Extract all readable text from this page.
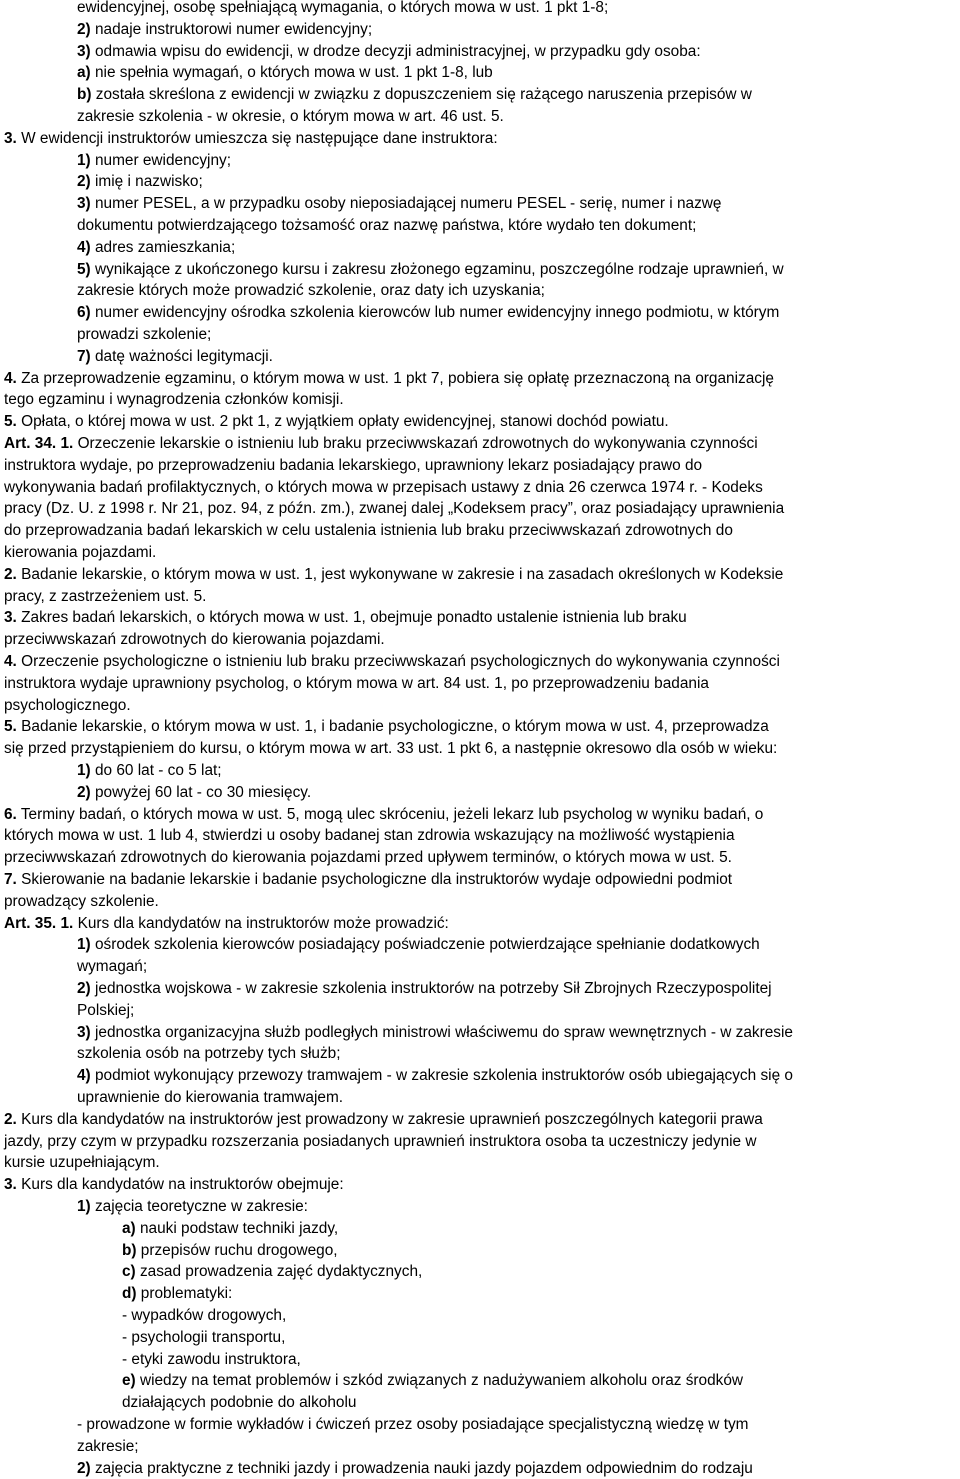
ewidencyjnej, osobę spełniającą wymagania, o których mowa w ust. 1 pkt 1-8;
2) nadaje instruktorowi numer ewidencyjny;
3) odmawia wpisu do ewidencji, w drodze decyzji administracyjnej, w przypadku gdy osoba:
a) nie spełnia wymagań, o których mowa w ust. 1 pkt 1-8, lub
b) została skreślona z ewidencji w związku z dopuszczeniem się rażącego naruszenia przepisów w
zakresie szkolenia - w okresie, o którym mowa w art. 46 ust. 5.
3. W ewidencji instruktorów umieszcza się następujące dane instruktora:
1) numer ewidencyjny;
2) imię i nazwisko;
3) numer PESEL, a w przypadku osoby nieposiadającej numeru PESEL - serię, numer i nazwę
dokumentu potwierdzającego tożsamość oraz nazwę państwa, które wydało ten dokument;
4) adres zamieszkania;
5) wynikające z ukończonego kursu i zakresu złożonego egzaminu, poszczególne rodzaje uprawnień, w
zakresie których może prowadzić szkolenie, oraz daty ich uzyskania;
6) numer ewidencyjny ośrodka szkolenia kierowców lub numer ewidencyjny innego podmiotu, w którym
prowadzi szkolenie;
7) datę ważności legitymacji.
4. Za przeprowadzenie egzaminu, o którym mowa w ust. 1 pkt 7, pobiera się opłatę przeznaczoną na organizację
tego egzaminu i wynagrodzenia członków komisji.
5. Opłata, o której mowa w ust. 2 pkt 1, z wyjątkiem opłaty ewidencyjnej, stanowi dochód powiatu.
Art. 34. 1. Orzeczenie lekarskie o istnieniu lub braku przeciwwskazań zdrowotnych do wykonywania czynności
instruktora wydaje, po przeprowadzeniu badania lekarskiego, uprawniony lekarz posiadający prawo do
wykonywania badań profilaktycznych, o których mowa w przepisach ustawy z dnia 26 czerwca 1974 r. - Kodeks
pracy (Dz. U. z 1998 r. Nr 21, poz. 94, z późn. zm.), zwanej dalej „Kodeksem pracy”, oraz posiadający uprawnienia
do przeprowadzania badań lekarskich w celu ustalenia istnienia lub braku przeciwwskazań zdrowotnych do
kierowania pojazdami.
2. Badanie lekarskie, o którym mowa w ust. 1, jest wykonywane w zakresie i na zasadach określonych w Kodeksie
pracy, z zastrzeżeniem ust. 5.
3. Zakres badań lekarskich, o których mowa w ust. 1, obejmuje ponadto ustalenie istnienia lub braku
przeciwwskazań zdrowotnych do kierowania pojazdami.
4. Orzeczenie psychologiczne o istnieniu lub braku przeciwwskazań psychologicznych do wykonywania czynności
instruktora wydaje uprawniony psycholog, o którym mowa w art. 84 ust. 1, po przeprowadzeniu badania
psychologicznego.
5. Badanie lekarskie, o którym mowa w ust. 1, i badanie psychologiczne, o którym mowa w ust. 4, przeprowadza
się przed przystąpieniem do kursu, o którym mowa w art. 33 ust. 1 pkt 6, a następnie okresowo dla osób w wieku:
1) do 60 lat - co 5 lat;
2) powyżej 60 lat - co 30 miesięcy.
6. Terminy badań, o których mowa w ust. 5, mogą ulec skróceniu, jeżeli lekarz lub psycholog w wyniku badań, o
których mowa w ust. 1 lub 4, stwierdzi u osoby badanej stan zdrowia wskazujący na możliwość wystąpienia
przeciwwskazań zdrowotnych do kierowania pojazdami przed upływem terminów, o których mowa w ust. 5.
7. Skierowanie na badanie lekarskie i badanie psychologiczne dla instruktorów wydaje odpowiedni podmiot
prowadzący szkolenie.
Art. 35. 1. Kurs dla kandydatów na instruktorów może prowadzić:
1) ośrodek szkolenia kierowców posiadający poświadczenie potwierdzające spełnianie dodatkowych
wymagań;
2) jednostka wojskowa - w zakresie szkolenia instruktorów na potrzeby Sił Zbrojnych Rzeczypospolitej
Polskiej;
3) jednostka organizacyjna służb podległych ministrowi właściwemu do spraw wewnętrznych - w zakresie
szkolenia osób na potrzeby tych służb;
4) podmiot wykonujący przewozy tramwajem - w zakresie szkolenia instruktorów osób ubiegających się o
uprawnienie do kierowania tramwajem.
2. Kurs dla kandydatów na instruktorów jest prowadzony w zakresie uprawnień poszczególnych kategorii prawa
jazdy, przy czym w przypadku rozszerzania posiadanych uprawnień instruktora osoba ta uczestniczy jedynie w
kursie uzupełniającym.
3. Kurs dla kandydatów na instruktorów obejmuje:
1) zajęcia teoretyczne w zakresie:
a) nauki podstaw techniki jazdy,
b) przepisów ruchu drogowego,
c) zasad prowadzenia zajęć dydaktycznych,
d) problematyki:
- wypadków drogowych,
- psychologii transportu,
- etyki zawodu instruktora,
e) wiedzy na temat problemów i szkód związanych z nadużywaniem alkoholu oraz środków
działających podobnie do alkoholu
- prowadzone w formie wykładów i ćwiczeń przez osoby posiadające specjalistyczną wiedzę w tym
zakresie;
2) zajęcia praktyczne z techniki jazdy i prowadzenia nauki jazdy pojazdem odpowiednim do rodzaju
